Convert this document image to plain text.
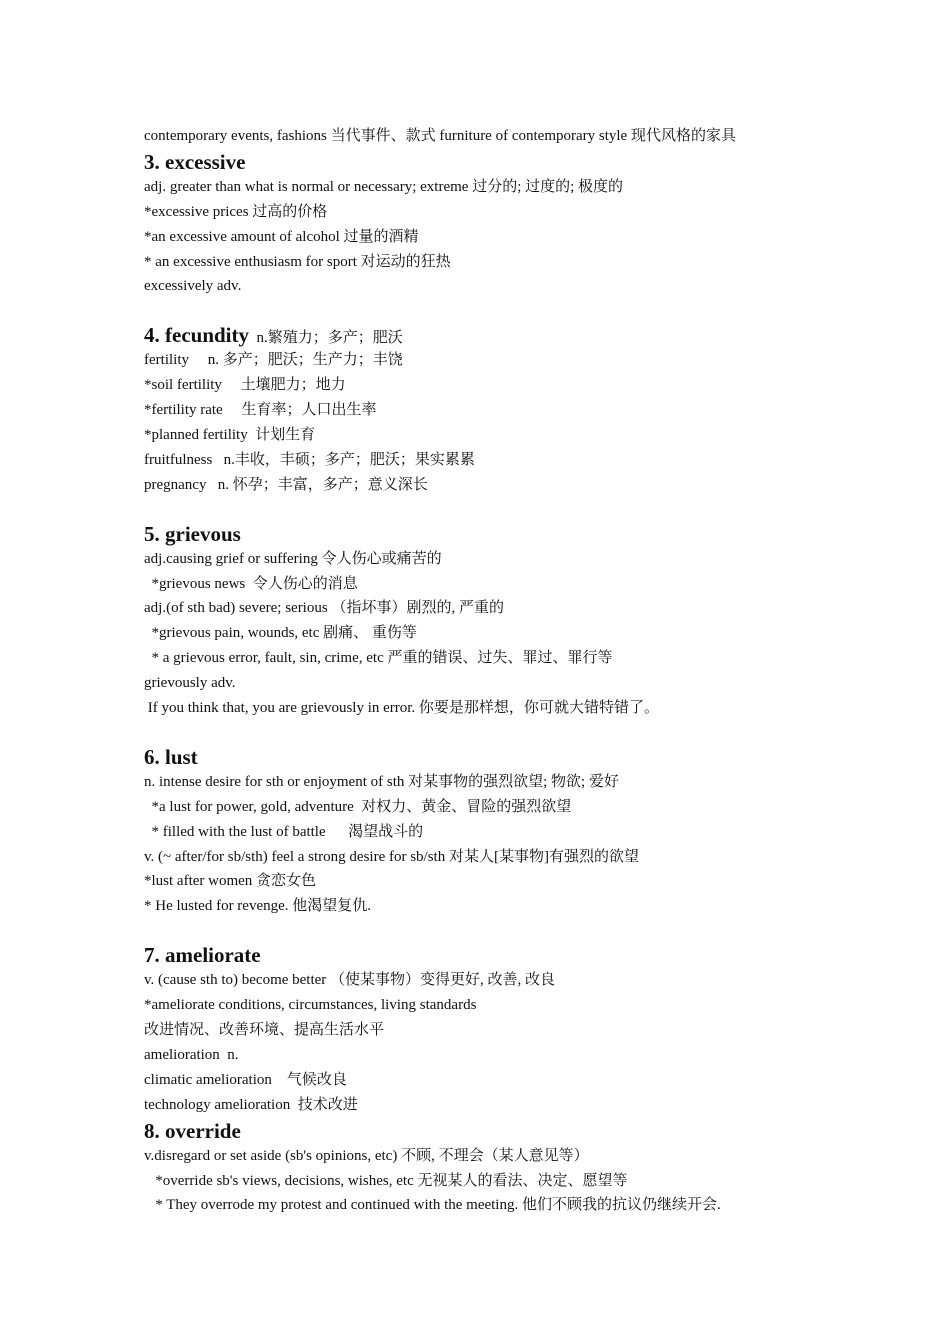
contemporary events, fashions 当代事件、款式 furniture of contemporary style 现代风格的家具
3. excessive
adj. greater than what is normal or necessary; extreme 过分的; 过度的; 极度的
*excessive prices 过高的价格
*an excessive amount of alcohol 过量的酒精
* an excessive enthusiasm for sport 对运动的狂热
excessively adv.
4. fecundity  n.繁殖力；多产；肥沃
fertility     n. 多产；肥沃；生产力；丰饶
*soil fertility     土壤肥力；地力
*fertility rate     生育率；人口出生率
*planned fertility  计划生育
fruitfulness   n.丰收，丰硕；多产；肥沃；果实累累
pregnancy   n. 怀孕；丰富，多产；意义深长
5. grievous
adj.causing grief or suffering 令人伤心或痛苦的
*grievous news  令人伤心的消息
adj.(of sth bad) severe; serious （指坏事）剧烈的, 严重的
*grievous pain, wounds, etc 剧痛、 重伤等
* a grievous error, fault, sin, crime, etc 严重的错误、过失、罪过、罪行等
grievously adv.
If you think that, you are grievously in error. 你要是那样想，你可就大错特错了。
6. lust
n. intense desire for sth or enjoyment of sth 对某事物的强烈欲望; 物欲; 爱好
*a lust for power, gold, adventure  对权力、黄金、冒险的强烈欲望
* filled with the lust of battle      渴望战斗的
v. (~ after/for sb/sth) feel a strong desire for sb/sth 对某人[某事物]有强烈的欲望
*lust after women 贪恋女色
* He lusted for revenge. 他渴望复仇.
7. ameliorate
v. (cause sth to) become better （使某事物）变得更好, 改善, 改良
*ameliorate conditions, circumstances, living standards
改进情况、改善环境、提高生活水平
amelioration  n.
climatic amelioration    气候改良
technology amelioration  技术改进
8. override
v.disregard or set aside (sb's opinions, etc) 不顾, 不理会（某人意见等）
*override sb's views, decisions, wishes, etc 无视某人的看法、决定、愿望等
* They overrode my protest and continued with the meeting. 他们不顾我的抗议仍继续开会.
